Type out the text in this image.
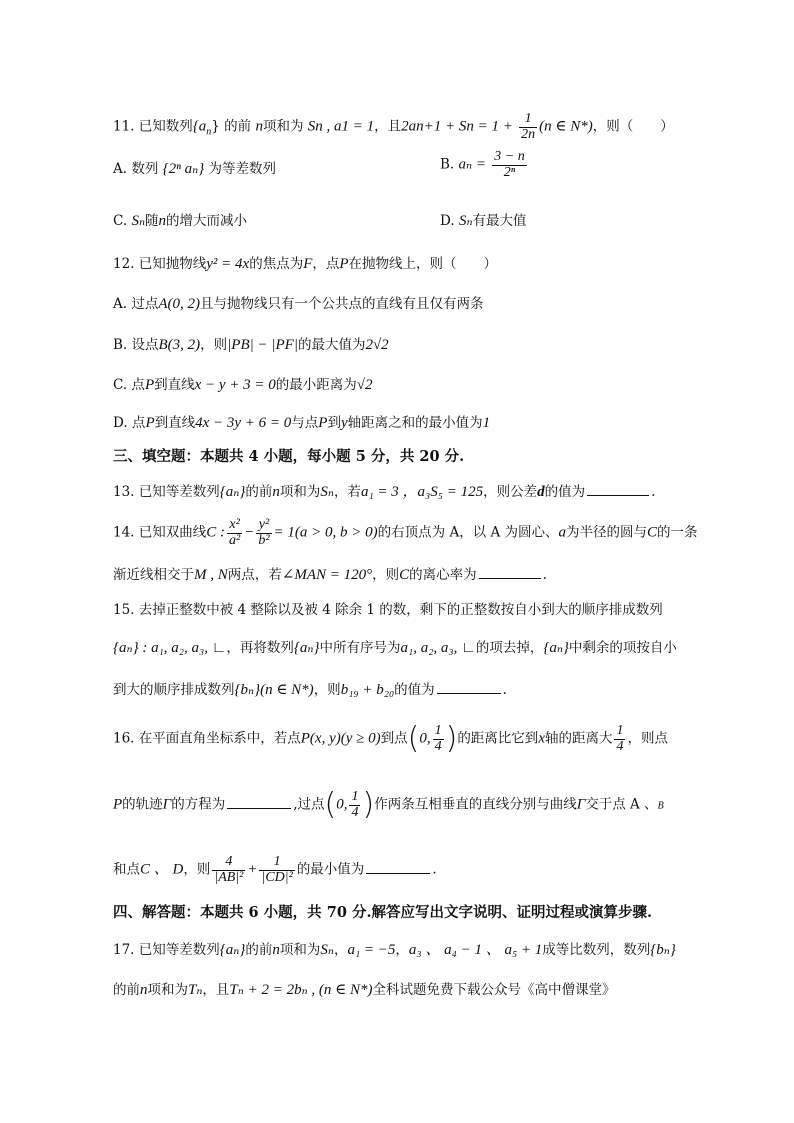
11. 已知数列$\{a_n\}$ 的前 n项和为 Sn , a1 = 1，且$2an+1 + Sn = 1 + \frac{1}{2n} (n$ ∈ N*)，则（　　）
A. 数列 {2ⁿ aₙ} 为等差数列	B. $a_n = \frac{3 - n}{\text{2ⁿ}}$
C. Sₙ随n的增大而减小	D. Sₙ有最大值
12. 已知抛物线y² = 4x的焦点为F，点P在抛物线上，则（　　）
A. 过点A(0, 2)且与抛物线只有一个公共点的直线有且仅有两条
B. 设点B(3, 2)，则|PB| − |PF|的最大值为2√2
C. 点P到直线x − y + 3 = 0的最小距离为√2
D. 点P到直线4x − 3y + 6 = 0与点P到y轴距离之和的最小值为1
三、填空题：本题共 4 小题，每小题 5 分，共 20 分.
13. 已知等差数列{aₙ}的前n项和为Sₙ，若a₁ = 3 ，a₃S₅ = 125，则公差d的值为	.
14. 已知双曲线C : $\frac{\text{x²}}{\text{a²}} - \frac{\text{y²}}{\text{b²}} = 1(a > 0$, b > 0)的右顶点为 A，以 A 为圆心、a为半径的圆与C的一条
渐近线相交于M , N两点，若∠MAN = 120°，则C的离心率为	.
15. 去掉正整数中被 4 整除以及被 4 除余 1 的数，剩下的正整数按自小到大的顺序排成数列
{aₙ} : a₁, a₂, a₃, ∟，再将数列{aₙ}中所有序号为a₁, a₂, a₃, ∟的项去掉，{aₙ}中剩余的项按自小
到大的顺序排成数列{bₙ}(n ∈ N*)，则b₁₉ + b₂₀的值为	.
16. 在平面直角坐标系中，若点P(x, y)(y ≥ 0)到点(0, $\frac{1}{4}$ )的距离比它到x轴的距离大 $\frac{1}{4}$ ，则点
P的轨迹Γ的方程为	,过点(0, $\frac{1}{4}$ )作两条互相垂直的直线分别与曲线Γ交于点 A 、B
和点C 、 D，则 $\frac{4}{\text{|AB|²}} + \frac{1}{\text{|CD|²}}$ 的最小值为	.
四、解答题：本题共 6 小题，共 70 分.解答应写出文字说明、证明过程或演算步骤.
17. 已知等差数列{aₙ}的前n项和为Sₙ，a₁ = −5，a₃ 、 a₄ − 1 、 a₅ + 1成等比数列，数列{bₙ}
的前n项和为Tₙ，且Tₙ + 2 = 2bₙ , (n ∈ N*)全科试题免费下载公众号《高中僧课堂》
